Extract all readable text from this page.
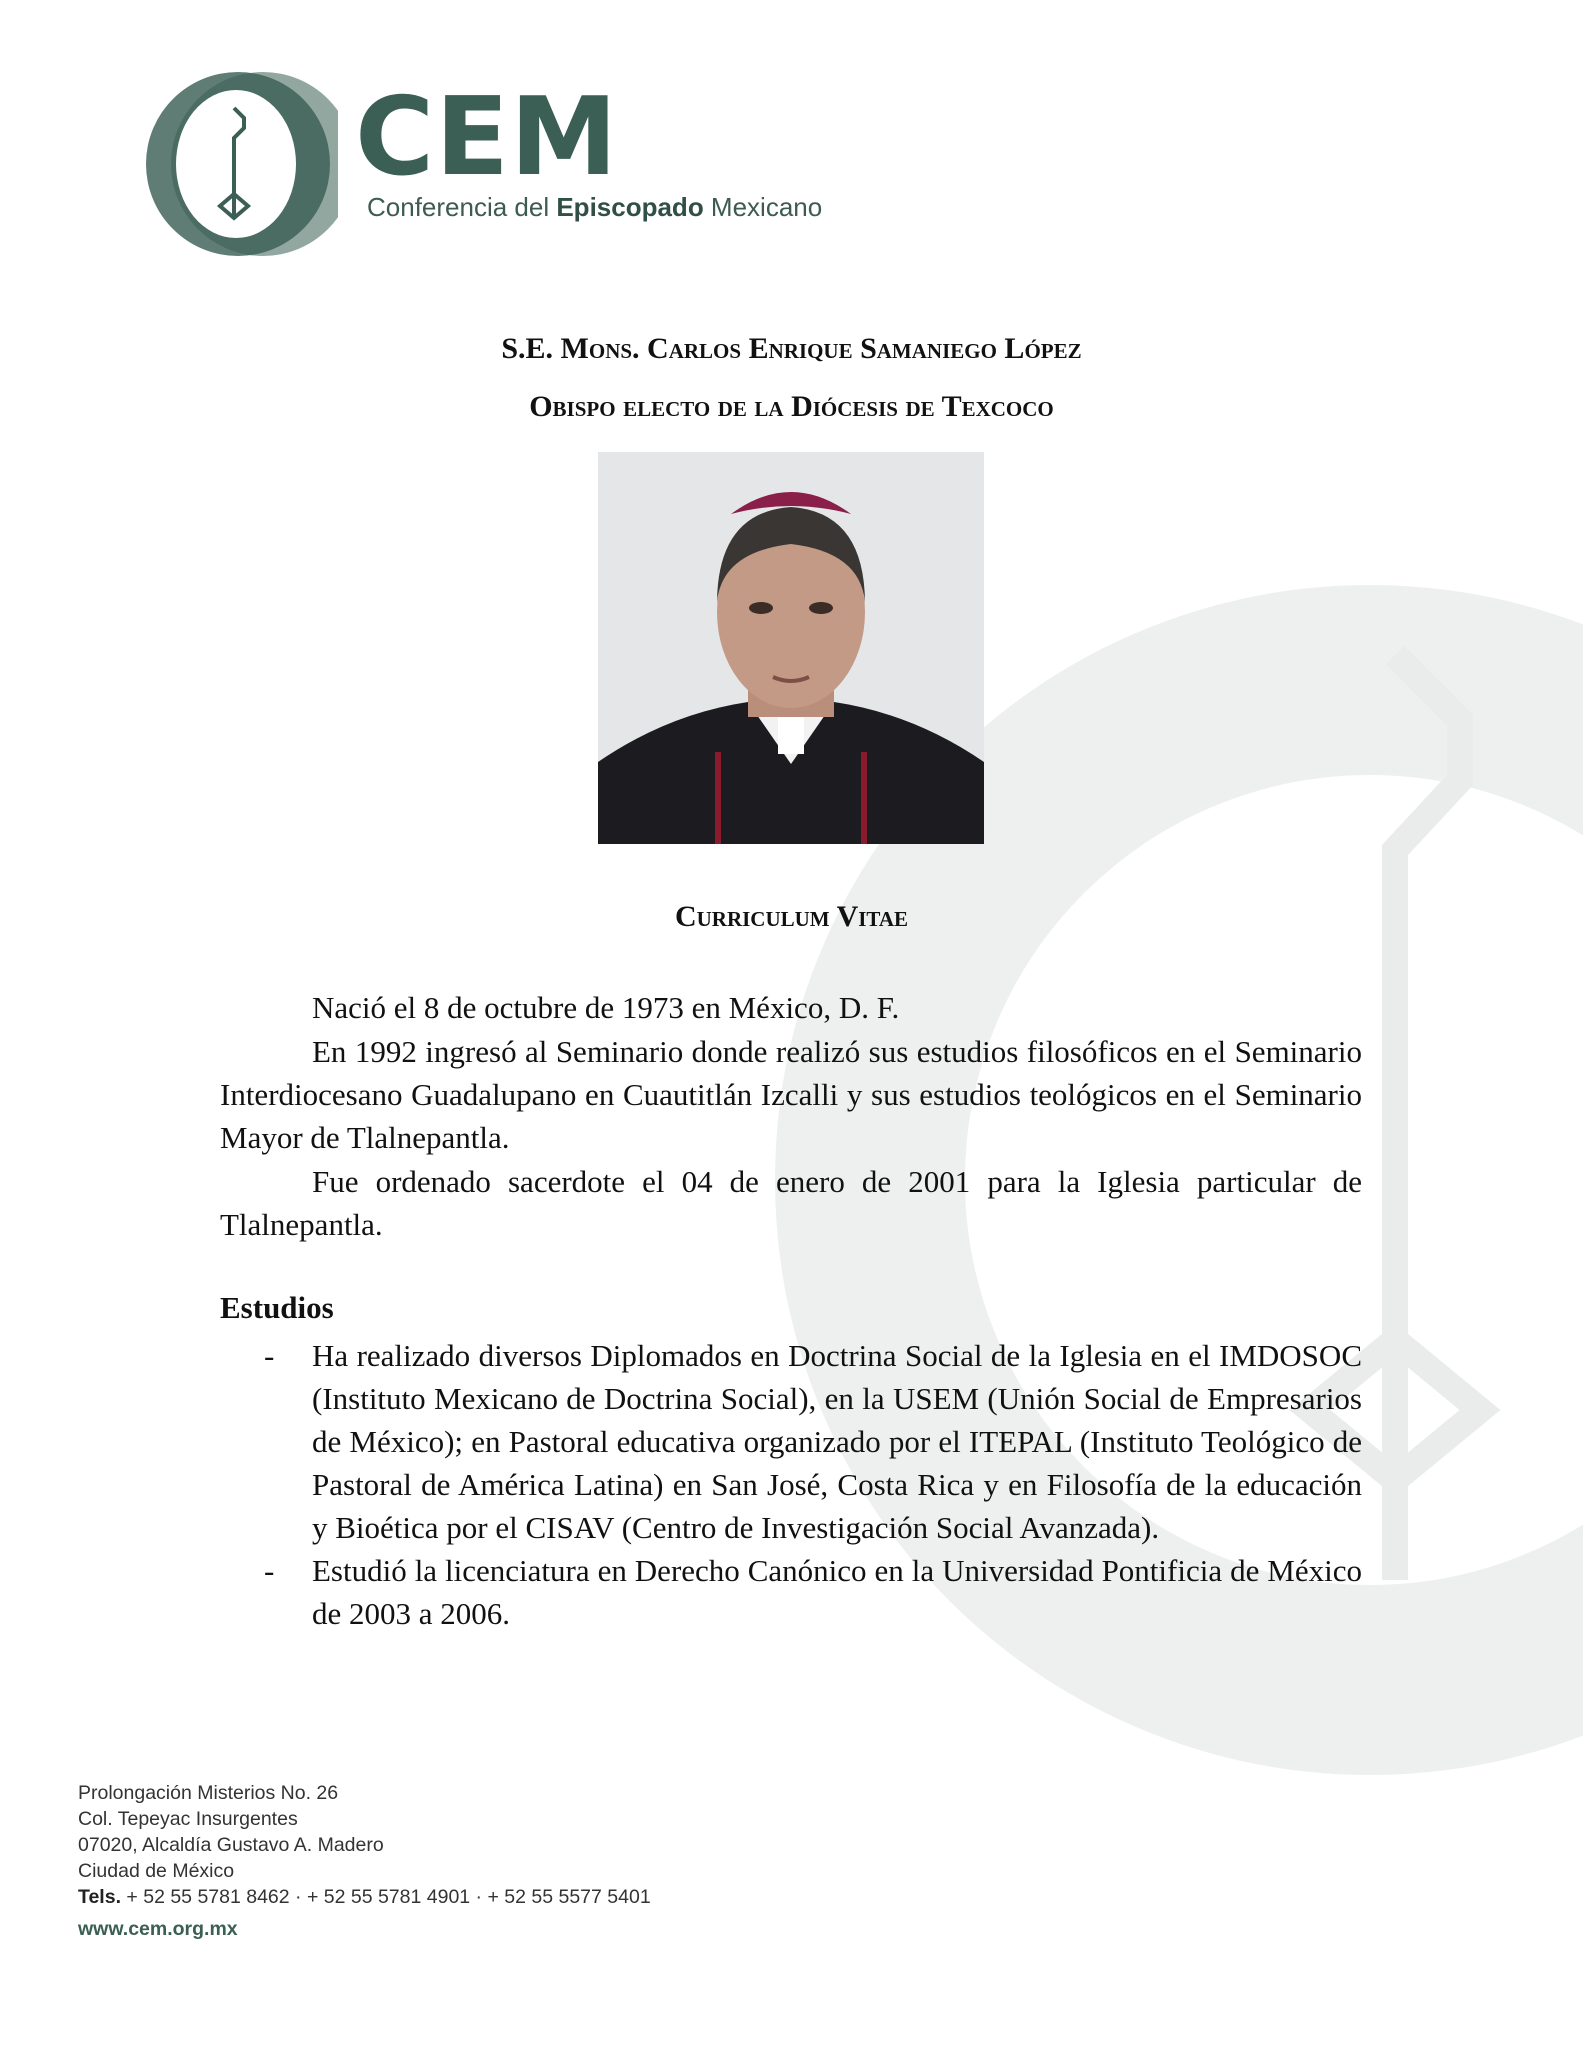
CEM
Conferencia del Episcopado Mexicano
S.E. Mons. Carlos Enrique Samaniego López
Obispo electo de la Diócesis de Texcoco
Curriculum Vitae

Nació el 8 de octubre de 1973 en México, D. F.

En 1992 ingresó al Seminario donde realizó sus estudios filosóficos en el Seminario Interdiocesano Guadalupano en Cuautitlán Izcalli y sus estudios teológicos en el Seminario Mayor de Tlalnepantla.

Fue ordenado sacerdote el 04 de enero de 2001 para la Iglesia particular de Tlalnepantla.

Estudios
- Ha realizado diversos Diplomados en Doctrina Social de la Iglesia en el IMDOSOC (Instituto Mexicano de Doctrina Social), en la USEM (Unión Social de Empresarios de México); en Pastoral educativa organizado por el ITEPAL (Instituto Teológico de Pastoral de América Latina) en San José, Costa Rica y en Filosofía de la educación y Bioética por el CISAV (Centro de Investigación Social Avanzada).
- Estudió la licenciatura en Derecho Canónico en la Universidad Pontificia de México de 2003 a 2006.
Prolongación Misterios No. 26
Col. Tepeyac Insurgentes
07020, Alcaldía Gustavo A. Madero
Ciudad de México
Tels. + 52 55 5781 8462 · + 52 55 5781 4901 · + 52 55 5577 5401
www.cem.org.mx
